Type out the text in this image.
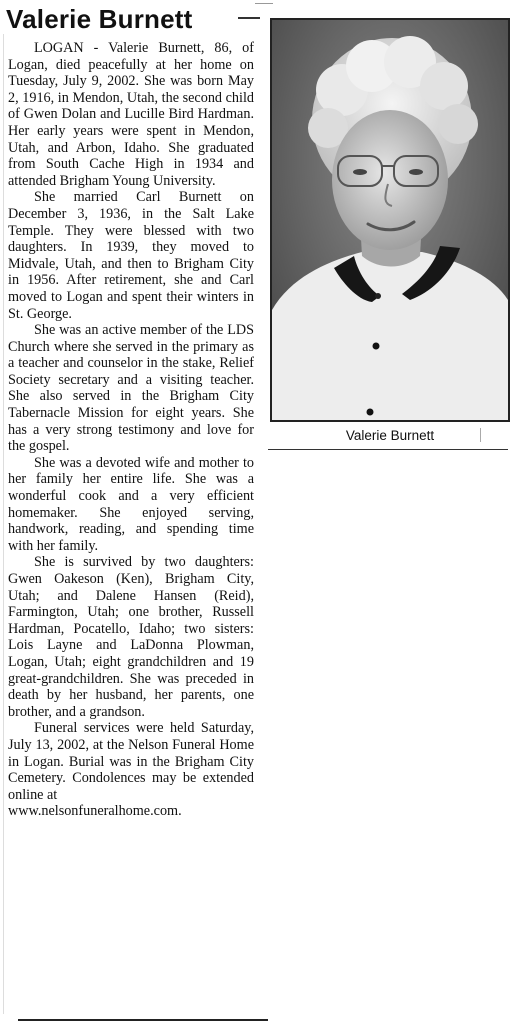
Valerie Burnett

LOGAN - Valerie Burnett, 86, of Logan, died peacefully at her home on Tuesday, July 9, 2002. She was born May 2, 1916, in Mendon, Utah, the second child of Gwen Dolan and Lucille Bird Hardman. Her early years were spent in Mendon, Utah, and Arbon, Idaho. She graduated from South Cache High in 1934 and attended Brigham Young University.

She married Carl Burnett on December 3, 1936, in the Salt Lake Temple. They were blessed with two daughters. In 1939, they moved to Midvale, Utah, and then to Brigham City in 1956. After retirement, she and Carl moved to Logan and spent their winters in St. George.

She was an active member of the LDS Church where she served in the primary as a teacher and counselor in the stake, Relief Society secretary and a visiting teacher. She also served in the Brigham City Tabernacle Mission for eight years. She has a very strong testimony and love for the gospel.

She was a devoted wife and mother to her family her entire life. She was a wonderful cook and a very efficient homemaker. She enjoyed serving, handwork, reading, and spending time with her family.

She is survived by two daughters: Gwen Oakeson (Ken), Brigham City, Utah; and Dalene Hansen (Reid), Farmington, Utah; one brother, Russell Hardman, Pocatello, Idaho; two sisters: Lois Layne and LaDonna Plowman, Logan, Utah; eight grandchildren and 19 great-grandchildren. She was preceded in death by her husband, her parents, one brother, and a grandson.

Funeral services were held Saturday, July 13, 2002, at the Nelson Funeral Home in Logan. Burial was in the Brigham City Cemetery. Condolences may be extended online at

www.nelsonfuneralhome.com.

Valerie Burnett
